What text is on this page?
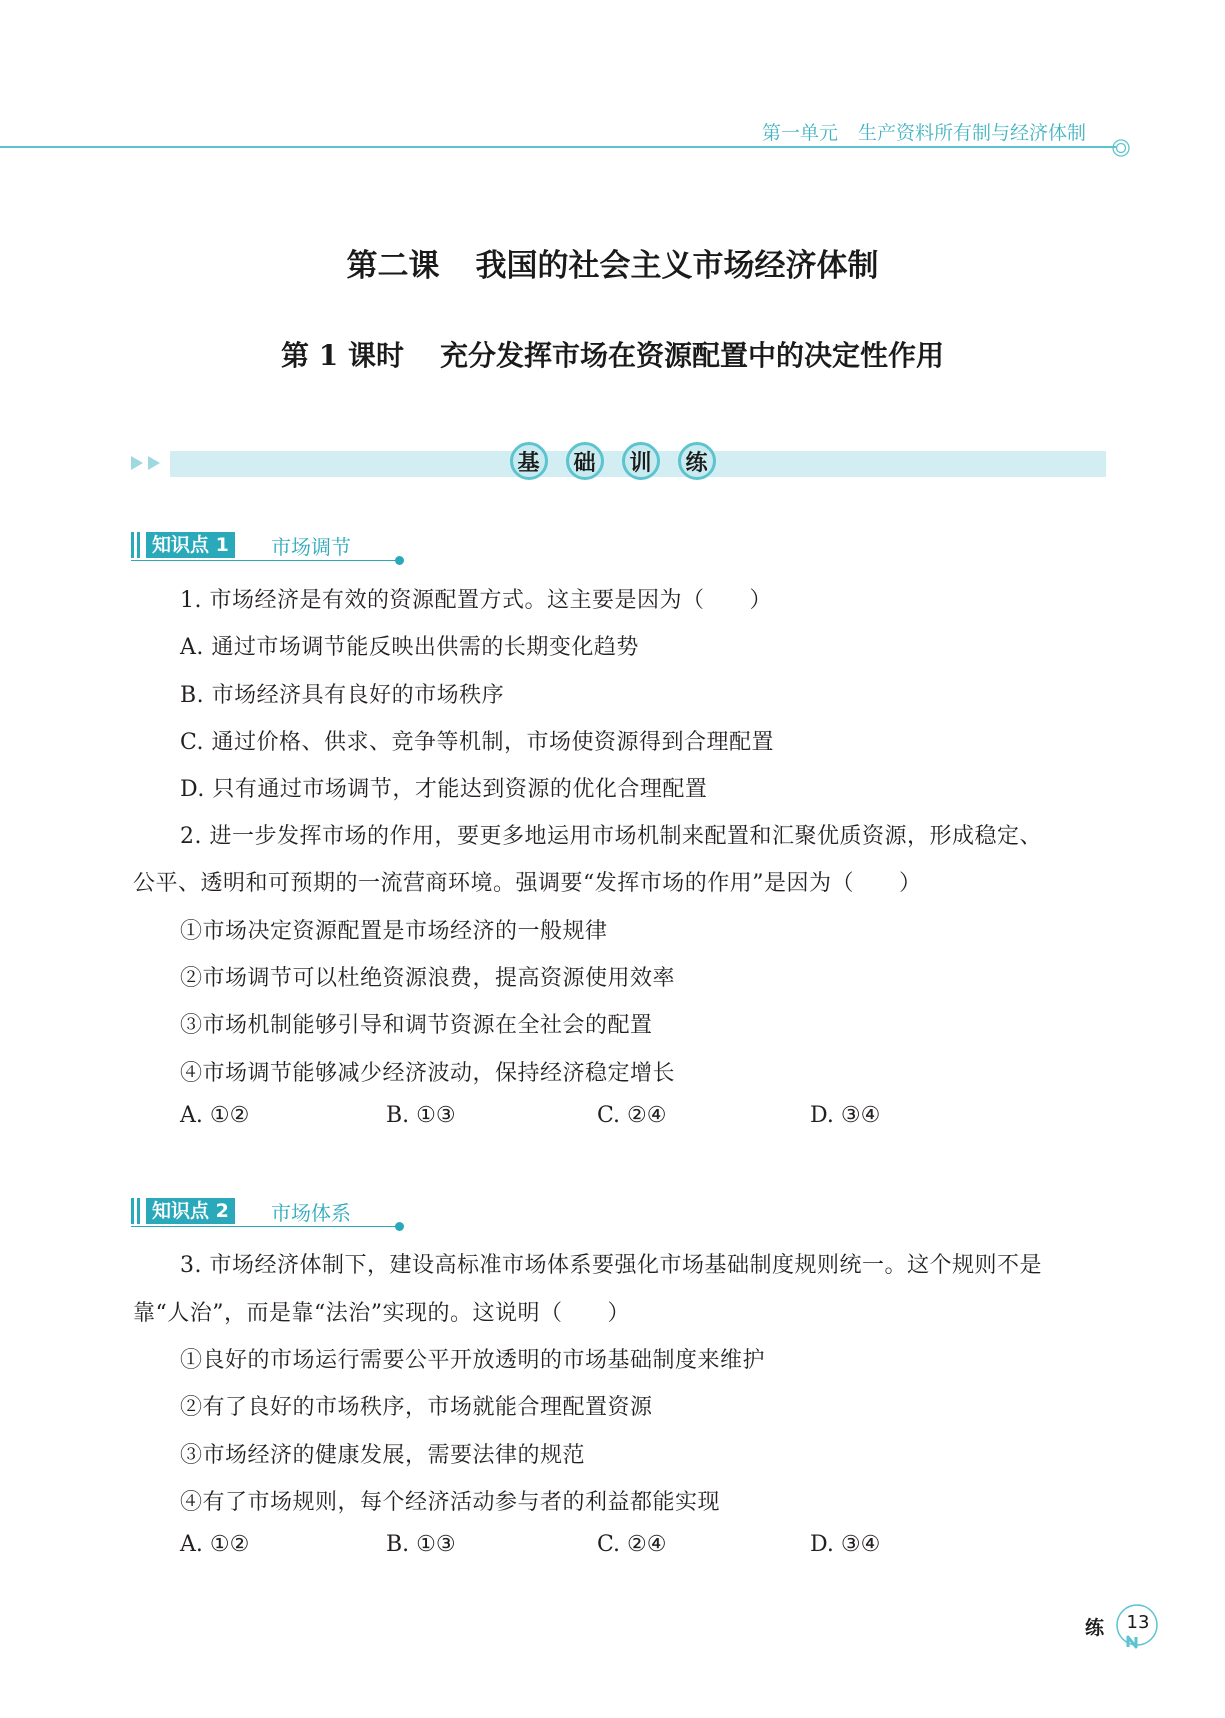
第一单元 生产资料所有制与经济体制
第二课 我国的社会主义市场经济体制
第 1 课时 充分发挥市场在资源配置中的决定性作用
基	础	训	练
知识点 1	市场调节
1. 市场经济是有效的资源配置方式。这主要是因为（　　）
A. 通过市场调节能反映出供需的长期变化趋势
B. 市场经济具有良好的市场秩序
C. 通过价格、供求、竞争等机制，市场使资源得到合理配置
D. 只有通过市场调节，才能达到资源的优化合理配置
2. 进一步发挥市场的作用，要更多地运用市场机制来配置和汇聚优质资源，形成稳定、
公平、透明和可预期的一流营商环境。强调要“发挥市场的作用”是因为（　　）
①市场决定资源配置是市场经济的一般规律
②市场调节可以杜绝资源浪费，提高资源使用效率
③市场机制能够引导和调节资源在全社会的配置
④市场调节能够减少经济波动，保持经济稳定增长
A. ①②	B. ①③	C. ②④	D. ③④
知识点 2	市场体系
3. 市场经济体制下，建设高标准市场体系要强化市场基础制度规则统一。这个规则不是
靠“人治”，而是靠“法治”实现的。这说明（　　）
①良好的市场运行需要公平开放透明的市场基础制度来维护
②有了良好的市场秩序，市场就能合理配置资源
③市场经济的健康发展，需要法律的规范
④有了市场规则，每个经济活动参与者的利益都能实现
A. ①②	B. ①③	C. ②④	D. ③④
练	13
